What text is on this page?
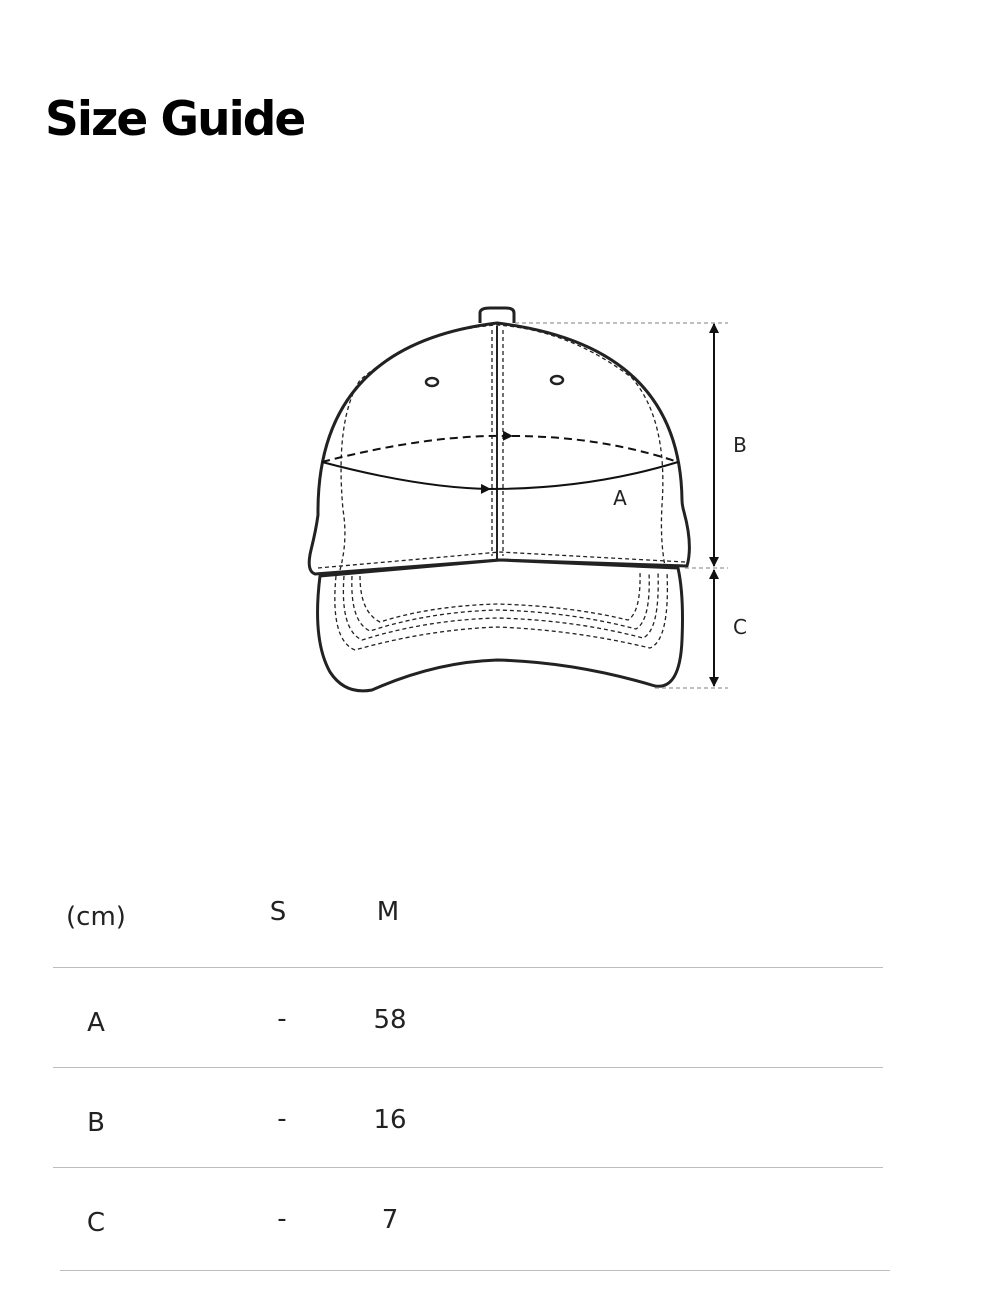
Size Guide
A
B
C
(cm)	S	M
A	-	58
B	-	16
C	-	7
